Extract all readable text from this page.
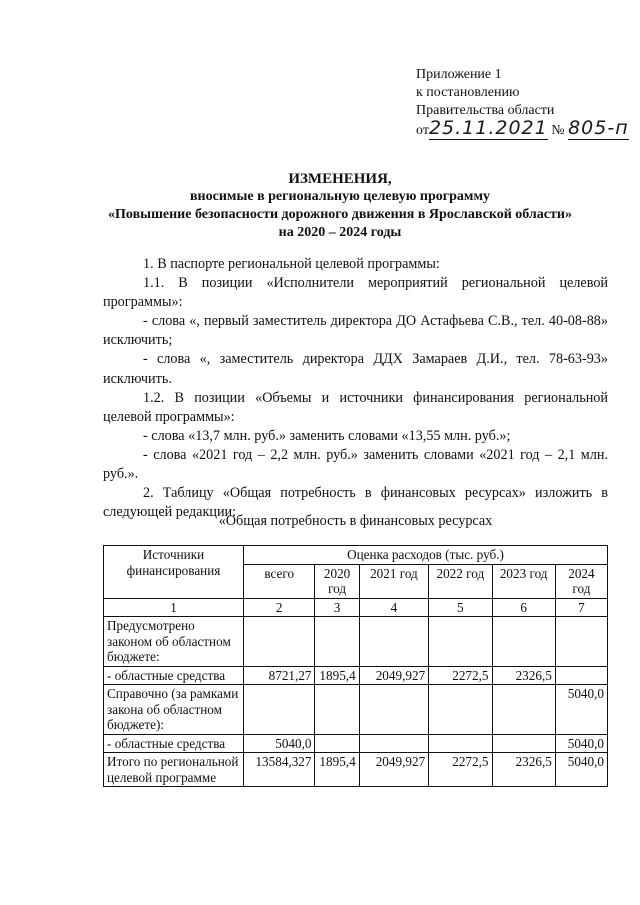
Приложение 1
к постановлению
Правительства области
от25.11.2021 № 805-п
ИЗМЕНЕНИЯ,
вносимые в региональную целевую программу
«Повышение безопасности дорожного движения в Ярославской области»
на 2020 – 2024 годы

1. В паспорте региональной целевой программы:

1.1. В позиции «Исполнители мероприятий региональной целевой программы»:

- слова «, первый заместитель директора ДО Астафьева С.В., тел. 40-08-88» исключить;

- слова «, заместитель директора ДДХ Замараев Д.И., тел. 78-63-93» исключить.

1.2. В позиции «Объемы и источники финансирования региональной целевой программы»:

- слова «13,7 млн. руб.» заменить словами «13,55 млн. руб.»;

- слова «2021 год – 2,2 млн. руб.» заменить словами «2021 год – 2,1 млн. руб.».

2. Таблицу «Общая потребность в финансовых ресурсах» изложить в следующей редакции:

«Общая потребность в финансовых ресурсах
Источники финансирования	Оценка расходов (тыс. руб.)					
	всего	2020 год	2021 год	2022 год	2023 год	2024 год
1	2	3	4	5	6	7
Предусмотрено законом об областном бюджете:						
- областные средства	8721,27	1895,4	2049,927	2272,5	2326,5	
Справочно (за рамками закона об областном бюджете):						5040,0
- областные средства	5040,0					5040,0
Итого по региональной целевой программе	13584,327	1895,4	2049,927	2272,5	2326,5	5040,0
